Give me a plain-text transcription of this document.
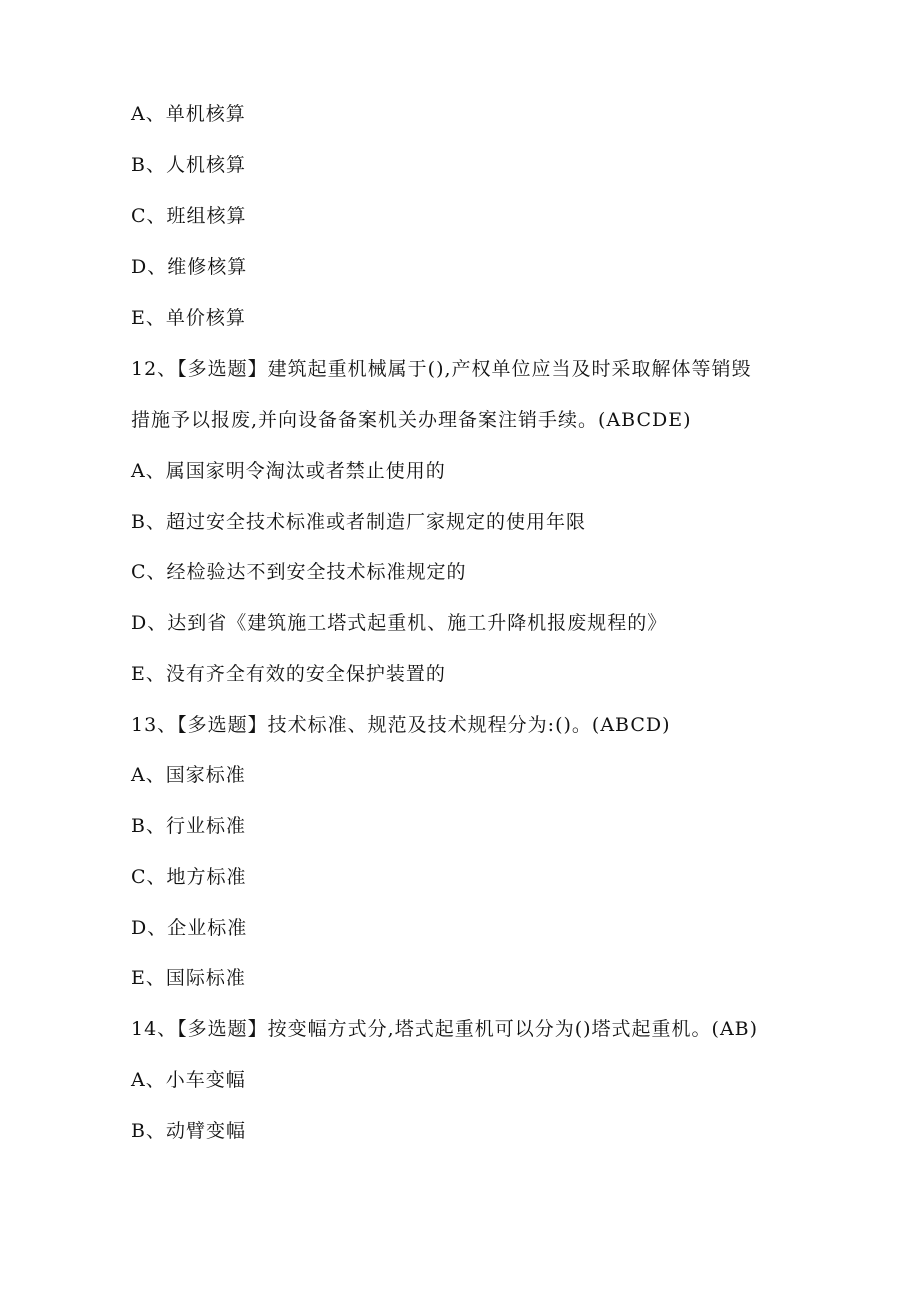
A、单机核算
B、人机核算
C、班组核算
D、维修核算
E、单价核算
12、【多选题】建筑起重机械属于(),产权单位应当及时采取解体等销毁
措施予以报废,并向设备备案机关办理备案注销手续。(ABCDE)
A、属国家明令淘汰或者禁止使用的
B、超过安全技术标准或者制造厂家规定的使用年限
C、经检验达不到安全技术标准规定的
D、达到省《建筑施工塔式起重机、施工升降机报废规程的》
E、没有齐全有效的安全保护装置的
13、【多选题】技术标准、规范及技术规程分为:()。(ABCD)
A、国家标准
B、行业标准
C、地方标准
D、企业标准
E、国际标准
14、【多选题】按变幅方式分,塔式起重机可以分为()塔式起重机。(AB)
A、小车变幅
B、动臂变幅
